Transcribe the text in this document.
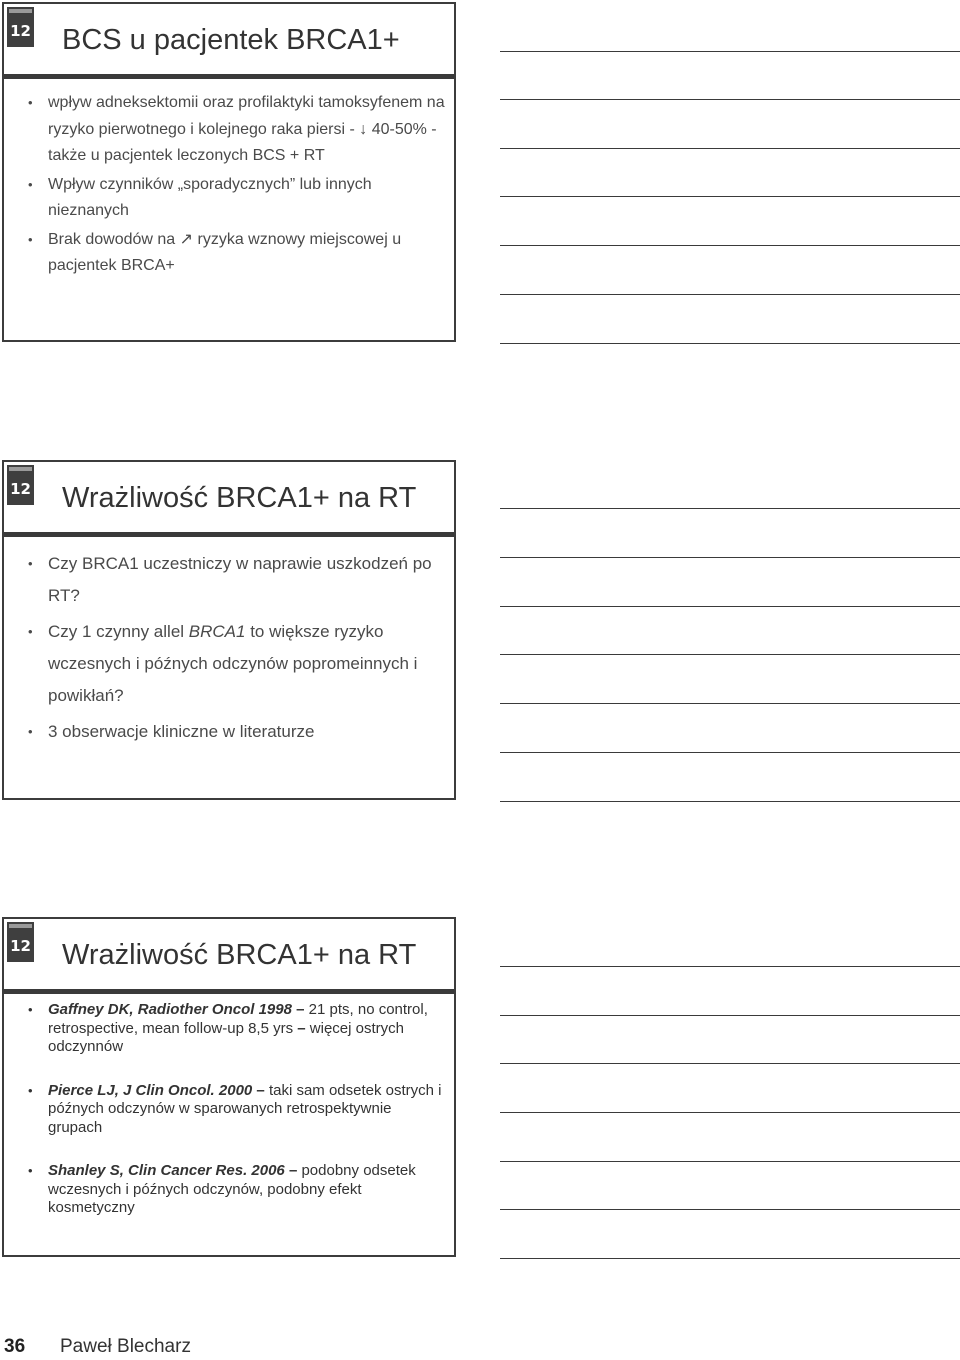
12 BCS u pacjentek BRCA1+
• wpływ adneksektomii oraz profilaktyki tamoksyfenem na ryzyko pierwotnego i kolejnego raka piersi - ↓ 40-50% - także u pacjentek leczonych BCS + RT
• Wpływ czynników „sporadycznych” lub innych nieznanych
• Brak dowodów na ↗ ryzyka wznowy miejscowej u pacjentek BRCA+
12 Wrażliwość BRCA1+ na RT
• Czy BRCA1 uczestniczy w naprawie uszkodzeń po RT?
• Czy 1 czynny allel BRCA1 to większe ryzyko wczesnych i późnych odczynów popromeinnych i powikłań?
• 3 obserwacje kliniczne w literaturze
12 Wrażliwość BRCA1+ na RT
• Gaffney DK, Radiother Oncol 1998 – 21 pts, no control, retrospective, mean follow-up 8,5 yrs – więcej ostrych odczynnów
• Pierce LJ, J Clin Oncol. 2000 – taki sam odsetek ostrych i późnych odczynów w sparowanych retrospektywnie grupach
• Shanley S, Clin Cancer Res. 2006 – podobny odsetek wczesnych i późnych odczynów, podobny efekt kosmetyczny
36 Paweł Blecharz
